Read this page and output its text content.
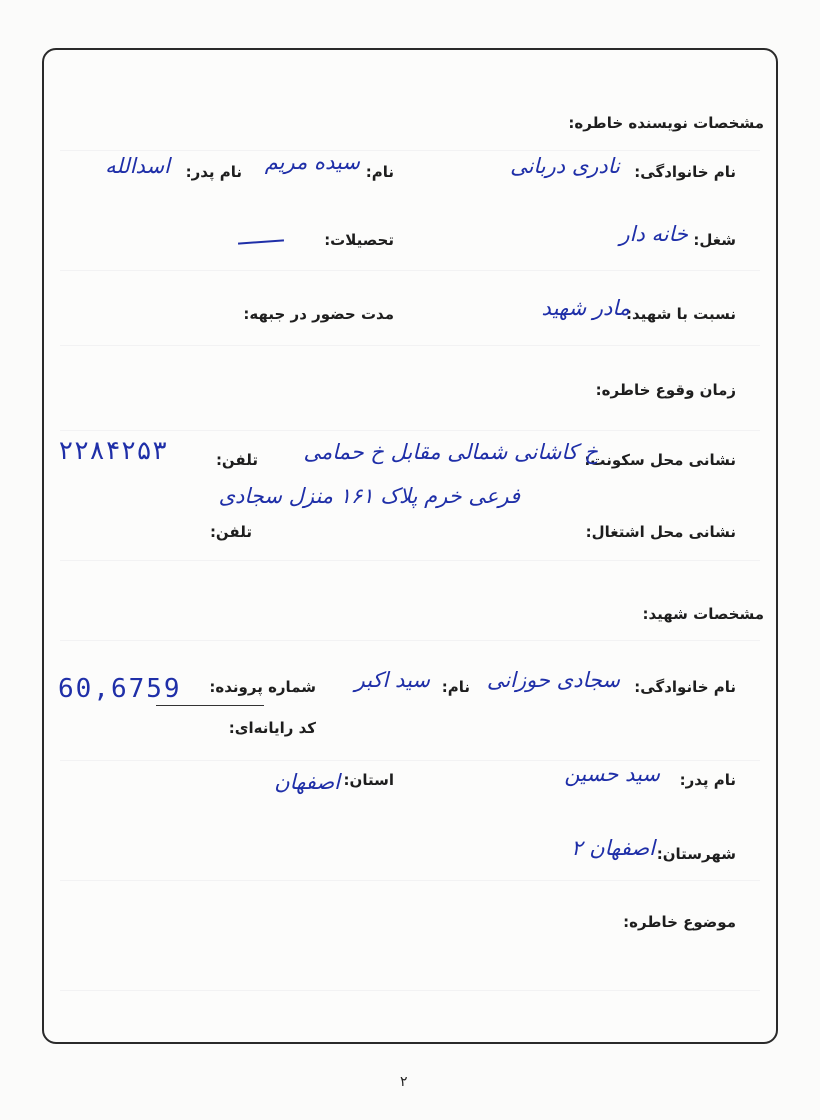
مشخصات نویسنده خاطره:
نام خانوادگی:
نادری دربانی
نام:
سیده مریم
نام پدر:
اسدالله
شغل:
خانه دار
تحصیلات:
نسبت با شهید:
مادر شهید
مدت حضور در جبهه:
زمان وقوع خاطره:
نشانی محل سکونت:
خ کاشانی شمالی مقابل خ حمامی
فرعی خرم پلاک ۱۶۱ منزل سجادی
تلفن:
۲۲۸۴۲۵۳
نشانی محل اشتغال:
تلفن:
مشخصات شهید:
نام خانوادگی:
سجادی حوزانی
نام:
سید اکبر
شماره پرونده:
60,6759
کد رایانه‌ای:
نام پدر:
سید حسین
استان:
اصفهان
شهرستان:
اصفهان ۲
موضوع خاطره:
۲
